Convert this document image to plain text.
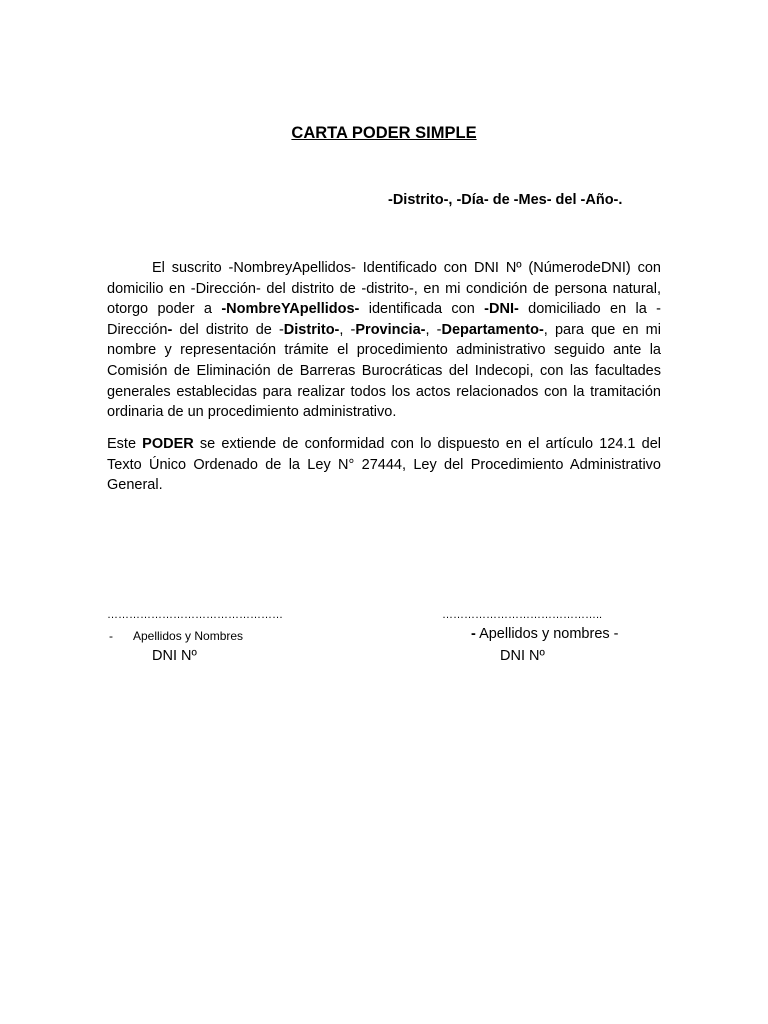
CARTA PODER SIMPLE
-Distrito-, -Día- de -Mes- del -Año-.
El suscrito -NombreyApellidos- Identificado con DNI Nº (NúmerodeDNI) con domicilio en -Dirección- del distrito de -distrito-, en mi condición de persona natural, otorgo poder a -NombreYApellidos- identificada con -DNI- domiciliado en la -Dirección- del distrito de -Distrito-, -Provincia-, -Departamento-, para que en mi nombre y representación trámite el procedimiento administrativo seguido ante la Comisión de Eliminación de Barreras Burocráticas del Indecopi, con las facultades generales establecidas para realizar todos los actos relacionados con la tramitación ordinaria de un procedimiento administrativo.
Este PODER se extiende de conformidad con lo dispuesto en el artículo 124.1 del Texto Único Ordenado de la Ley N° 27444, Ley del Procedimiento Administrativo General.
…………………………………………	……………………………………..
- Apellidos y Nombres
DNI Nº
- Apellidos y nombres -
DNI Nº
